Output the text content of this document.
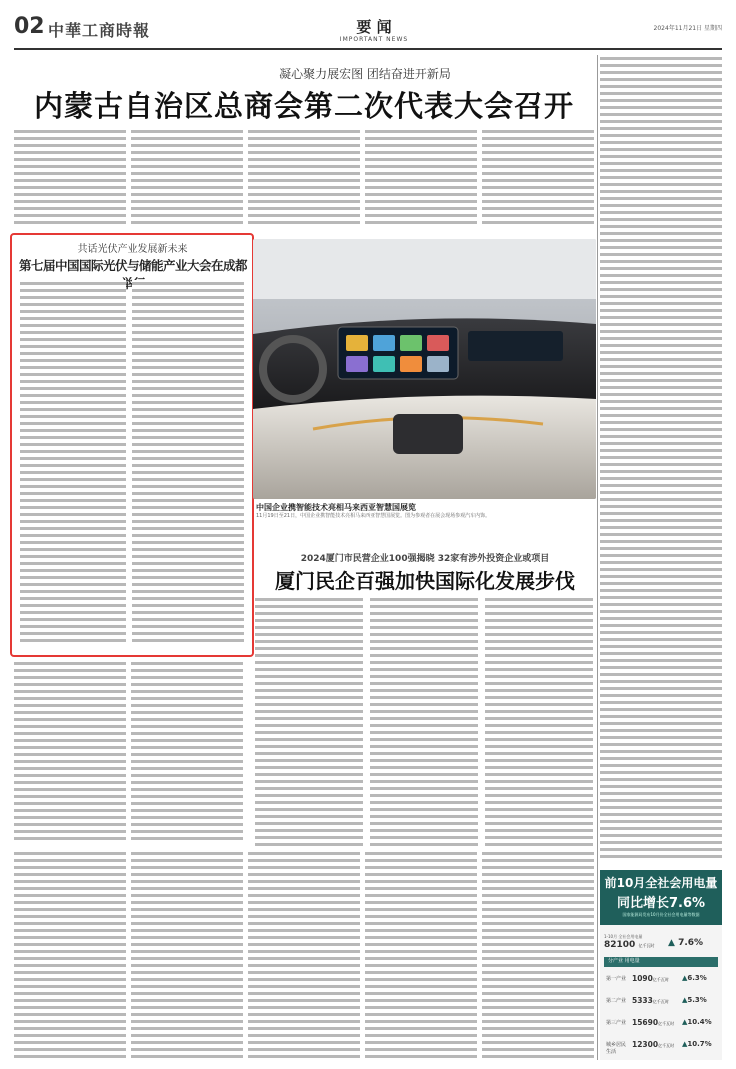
02 中華工商時報	要 闻
IMPORTANT NEWS
2024年11月21日 星期四
凝心聚力展宏图 团结奋进开新局
内蒙古自治区总商会第二次代表大会召开
共话光伏产业发展新未来
第七届中国国际光伏与储能产业大会在成都举
中国企业携智能技术亮相马来西亚智慧国展览
11月19日至21日，中国企业携智能技术亮相马来西亚智慧国展览。图为参观者在展会现场参观汽车内饰。
2024厦门市民营企业100强揭晓 32家有涉外投资企业或项目
厦门民企百强加快国际化发展步伐
前10月全社会用电量
同比增长7.6%
国家能源局发布10月份全社会用电量等数据
1-10月 全社会用电量
82100 亿千瓦时 ▲ 7.6%
分产业 用电量
第一产业 1090亿千瓦时 ▲6.3%
第二产业 5333亿千瓦时 ▲5.3%
第三产业 15690亿千瓦时 ▲10.4%
城乡居民生活
12300亿千瓦时 ▲10.7%
